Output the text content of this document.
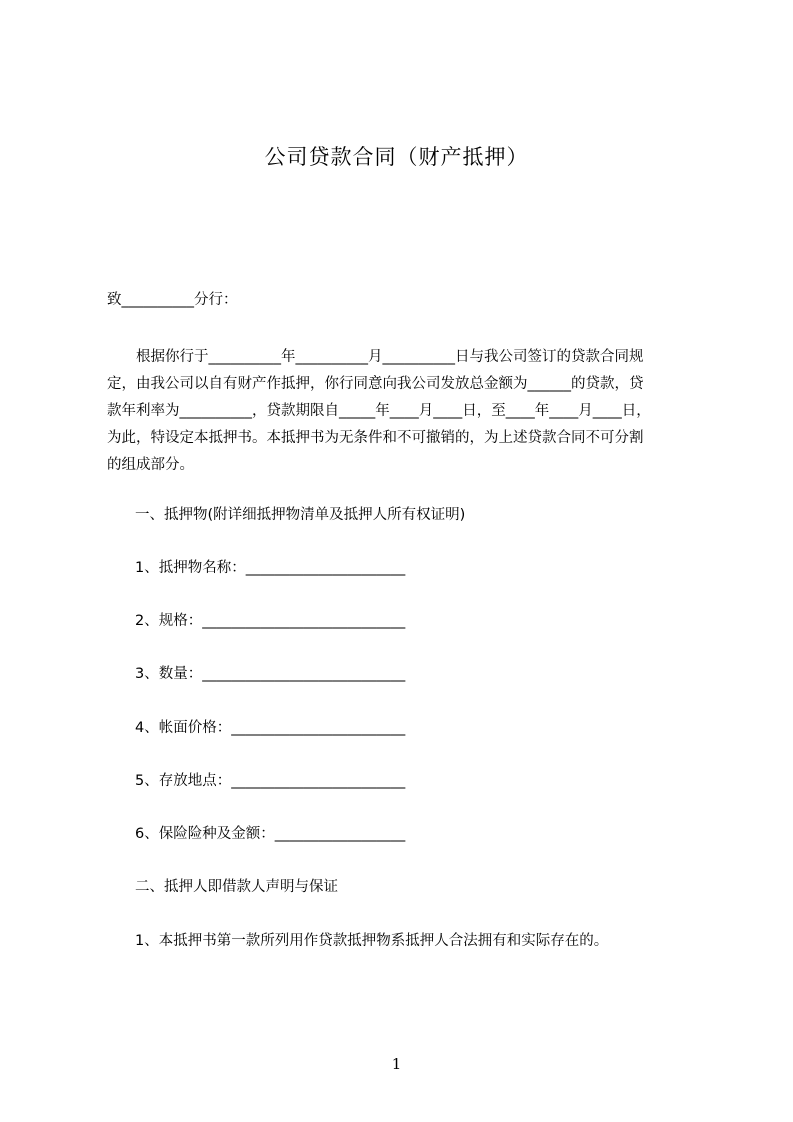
公司贷款合同（财产抵押）
致__________分行：
　　根据你行于__________年__________月__________日与我公司签订的贷款合同规
定，由我公司以自有财产作抵押，你行同意向我公司发放总金额为______的贷款，贷
款年利率为__________，贷款期限自_____年____月____日，至____年____月____日，
为此，特设定本抵押书。本抵押书为无条件和不可撤销的，为上述贷款合同不可分割
的组成部分。
一、抵押物(附详细抵押物清单及抵押人所有权证明)
1、抵押物名称：______________________
2、规格：____________________________
3、数量：____________________________
4、帐面价格：________________________
5、存放地点：________________________
6、保险险种及金额：__________________
二、抵押人即借款人声明与保证
1、本抵押书第一款所列用作贷款抵押物系抵押人合法拥有和实际存在的。
1
